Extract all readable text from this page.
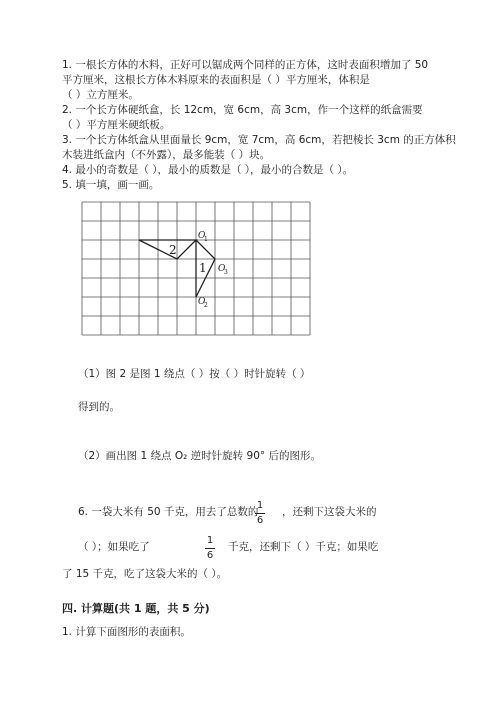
1. 一根长方体的木料，正好可以锯成两个同样的正方体，这时表面积增加了 50
平方厘米，这根长方体木料原来的表面积是（ ）平方厘米，体积是
（ ）立方厘米。
2. 一个长方体硬纸盒，长 12cm，宽 6cm，高 3cm，作一个这样的纸盒需要
（ ）平方厘米硬纸板。
3. 一个长方体纸盒从里面量长 9cm，宽 7cm，高 6cm，若把棱长 3cm 的正方体积
木装进纸盒内（不外露），最多能装（ ）块。
4. 最小的奇数是（ ），最小的质数是（ ），最小的合数是（ ）。
5. 填一填，画一画。
2
1
O
1
O
3
O
2
（1）图 2 是图 1 绕点（ ）按（ ）时针旋转（ ）
得到的。
（2）画出图 1 绕点 O₂ 逆时针旋转 90° 后的图形。
6. 一袋大米有 50 千克，用去了总数的
1
6
，还剩下这袋大米的
（ ）；如果吃了
1
6
千克，还剩下（ ）千克；如果吃
了 15 千克，吃了这袋大米的（ ）。
四. 计算题(共 1 题，共 5 分)
1. 计算下面图形的表面积。
